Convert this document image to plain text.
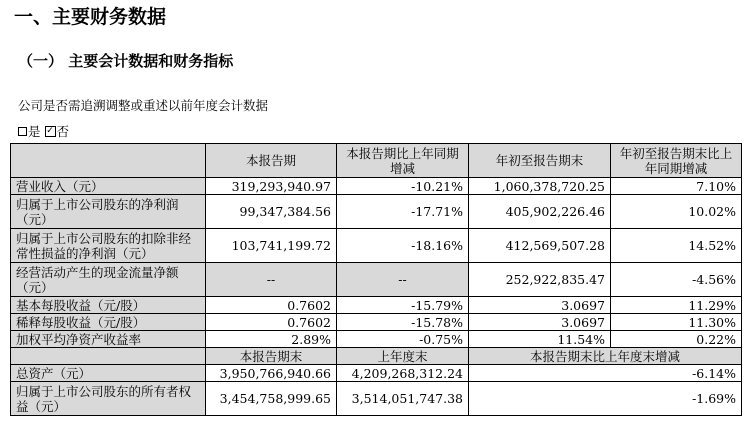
一、主要财务数据
（一） 主要会计数据和财务指标
公司是否需追溯调整或重述以前年度会计数据
是 ✓ 否
	本报告期	本报告期比上年同期增减	年初至报告期末	年初至报告期末比上年同期增减
营业收入（元）	319,293,940.97	-10.21%	1,060,378,720.25	7.10%
归属于上市公司股东的净利润（元）	99,347,384.56	-17.71%	405,902,226.46	10.02%
归属于上市公司股东的扣除非经常性损益的净利润（元）	103,741,199.72	-18.16%	412,569,507.28	14.52%
经营活动产生的现金流量净额（元）	--	--	252,922,835.47	-4.56%
基本每股收益（元/股）	0.7602	-15.79%	3.0697	11.29%
稀释每股收益（元/股）	0.7602	-15.78%	3.0697	11.30%
加权平均净资产收益率	2.89%	-0.75%	11.54%	0.22%
	本报告期末	上年度末	本报告期末比上年度末增减	
总资产（元）	3,950,766,940.66	4,209,268,312.24	-6.14%	
归属于上市公司股东的所有者权益（元）	3,454,758,999.65	3,514,051,747.38	-1.69%	
